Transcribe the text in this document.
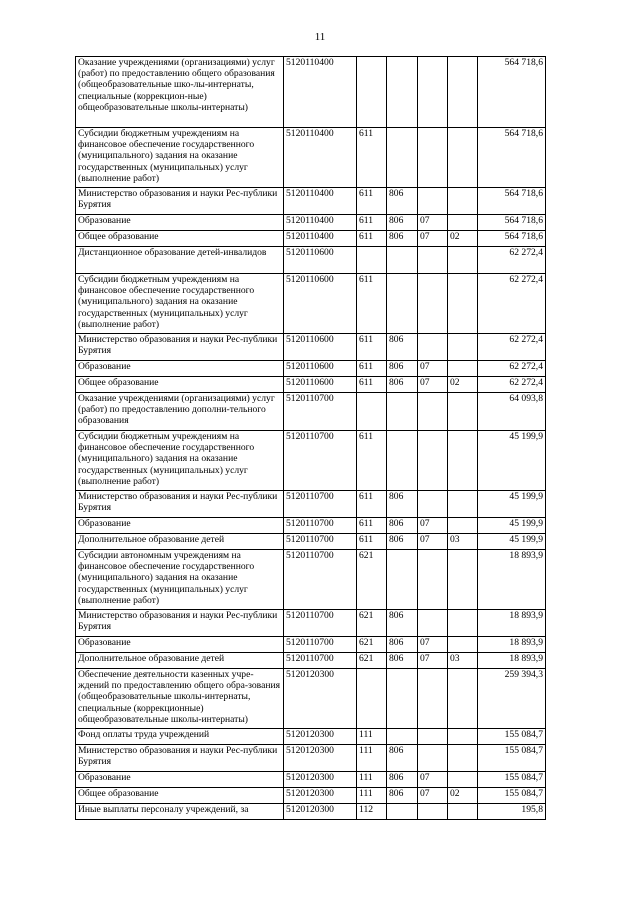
11
Оказание учреждениями (организациями) услуг (работ) по предоставлению общего образования (общеобразовательные шко-лы-интернаты, специальные (коррекцион-ные) общеобразовательные школы-интернаты)	5120110400					564 718,6
Субсидии бюджетным учреждениям на финансовое обеспечение государственного (муниципального) задания на оказание государственных (муниципальных) услуг (выполнение работ)	5120110400	611				564 718,6
Министерство образования и науки Рес-публики Бурятия	5120110400	611	806			564 718,6
Образование	5120110400	611	806	07		564 718,6
Общее образование	5120110400	611	806	07	02	564 718,6
Дистанционное образование детей-инвалидов	5120110600					62 272,4
Субсидии бюджетным учреждениям на финансовое обеспечение государственного (муниципального) задания на оказание государственных (муниципальных) услуг (выполнение работ)	5120110600	611				62 272,4
Министерство образования и науки Рес-публики Бурятия	5120110600	611	806			62 272,4
Образование	5120110600	611	806	07		62 272,4
Общее образование	5120110600	611	806	07	02	62 272,4
Оказание учреждениями (организациями) услуг (работ) по предоставлению дополни-тельного образования	5120110700					64 093,8
Субсидии бюджетным учреждениям на финансовое обеспечение государственного (муниципального) задания на оказание государственных (муниципальных) услуг (выполнение работ)	5120110700	611				45 199,9
Министерство образования и науки Рес-публики Бурятия	5120110700	611	806			45 199,9
Образование	5120110700	611	806	07		45 199,9
Дополнительное образование детей	5120110700	611	806	07	03	45 199,9
Субсидии автономным учреждениям на финансовое обеспечение государственного (муниципального) задания на оказание государственных (муниципальных) услуг (выполнение работ)	5120110700	621				18 893,9
Министерство образования и науки Рес-публики Бурятия	5120110700	621	806			18 893,9
Образование	5120110700	621	806	07		18 893,9
Дополнительное образование детей	5120110700	621	806	07	03	18 893,9
Обеспечение деятельности казенных учре-ждений по предоставлению общего обра-зования (общеобразовательные школы-интернаты, специальные (коррекционные) общеобразовательные школы-интернаты)	5120120300					259 394,3
Фонд оплаты труда учреждений	5120120300	111				155 084,7
Министерство образования и науки Рес-публики Бурятия	5120120300	111	806			155 084,7
Образование	5120120300	111	806	07		155 084,7
Общее образование	5120120300	111	806	07	02	155 084,7
Иные выплаты персоналу учреждений, за	5120120300	112				195,8
